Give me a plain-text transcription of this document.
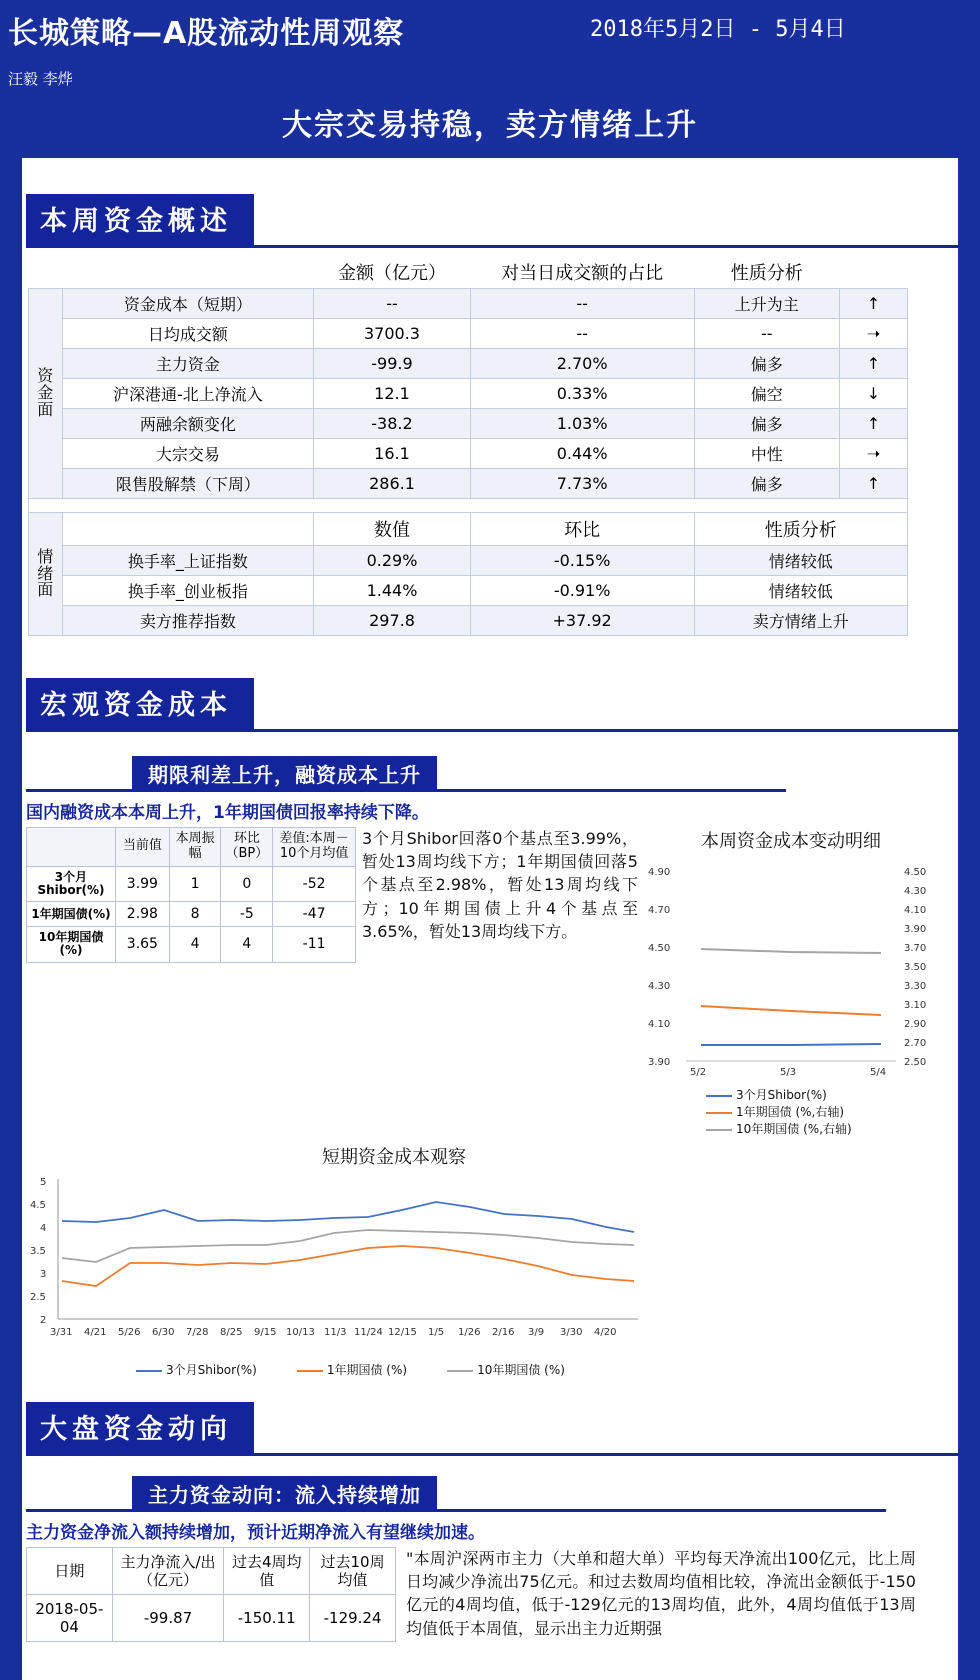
长城策略—A股流动性周观察	2018年5月2日 - 5月4日
汪毅 李烨
大宗交易持稳，卖方情绪上升
本周资金概述
		金额（亿元）	对当日成交额的占比	性质分析	
资金面	资金成本（短期）	--	--	上升为主	↑
	日均成交额	3700.3	--	--	➝
	主力资金	-99.9	2.70%	偏多	↑
	沪深港通-北上净流入	12.1	0.33%	偏空	↓
	两融余额变化	-38.2	1.03%	偏多	↑
	大宗交易	16.1	0.44%	中性	➝
	限售股解禁（下周）	286.1	7.73%	偏多	↑

情绪面		数值	环比	性质分析	
	换手率_上证指数	0.29%	-0.15%	情绪较低	
	换手率_创业板指	1.44%	-0.91%	情绪较低	
	卖方推荐指数	297.8	+37.92	卖方情绪上升	
宏观资金成本
期限利差上升，融资成本上升
国内融资成本本周上升，1年期国债回报率持续下降。
	当前值	本周振幅	环比（BP）	差值:本周－10个月均值
3个月Shibor(%)	3.99	1	0	-52
1年期国债(%)	2.98	8	-5	-47
10年期国债(%)	3.65	4	4	-11
3个月Shibor回落0个基点至3.99%，暂处13周均线下方；1年期国债回落5个基点至2.98%，暂处13周均线下方；10年期国债上升4个基点至3.65%，暂处13周均线下方。
本周资金成本变动明细
4.90
4.70
4.50
4.30
4.10
3.90
4.50
4.30
4.10
3.90
3.70
3.50
3.30
3.10
2.90
2.70
2.50
5/2	5/3	5/4
3个月Shibor(%)
1年期国债 (%,右轴)
10年期国债 (%,右轴)
短期资金成本观察
5
4.5
4
3.5
3
2.5
2
3/31 4/21 5/26 6/30 7/28 8/25 9/15 10/13 11/3 11/24 12/15 1/5 1/26 2/16 3/9 3/30 4/20
3个月Shibor(%)	1年期国债 (%)	10年期国债 (%)
大盘资金动向
主力资金动向：流入持续增加
主力资金净流入额持续增加，预计近期净流入有望继续加速。
日期	主力净流入/出（亿元）	过去4周均值	过去10周均值
2018-05-04	-99.87	-150.11	-129.24
"本周沪深两市主力（大单和超大单）平均每天净流出100亿元，比上周日均减少净流出75亿元。和过去数周均值相比较，净流出金额低于-150亿元的4周均值，低于-129亿元的13周均值，此外，4周均值低于13周均值低于本周值，显示出主力近期强
